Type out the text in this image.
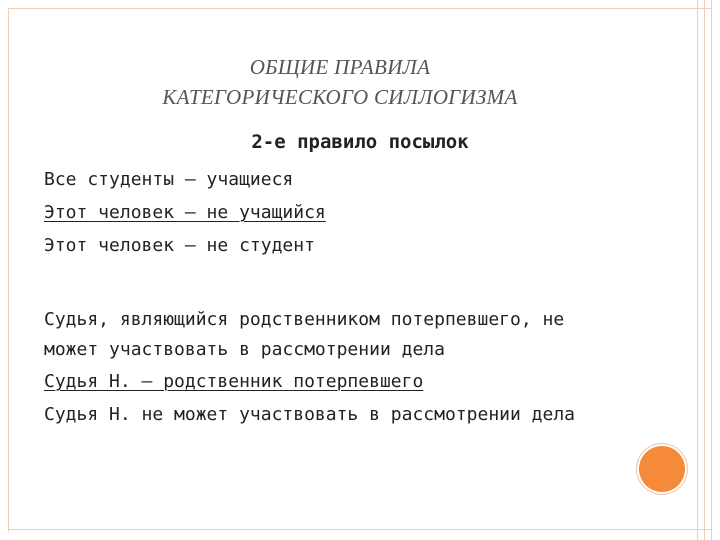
ОБЩИЕ ПРАВИЛА
КАТЕГОРИЧЕСКОГО СИЛЛОГИЗМА
2-е правило посылок
Все студенты — учащиеся
Этот человек — не учащийся
Этот человек — не студент
Судья, являющийся родственником потерпевшего, не
может участвовать в рассмотрении дела
Судья Н. – родственник потерпевшего
Судья Н. не может участвовать в рассмотрении дела
